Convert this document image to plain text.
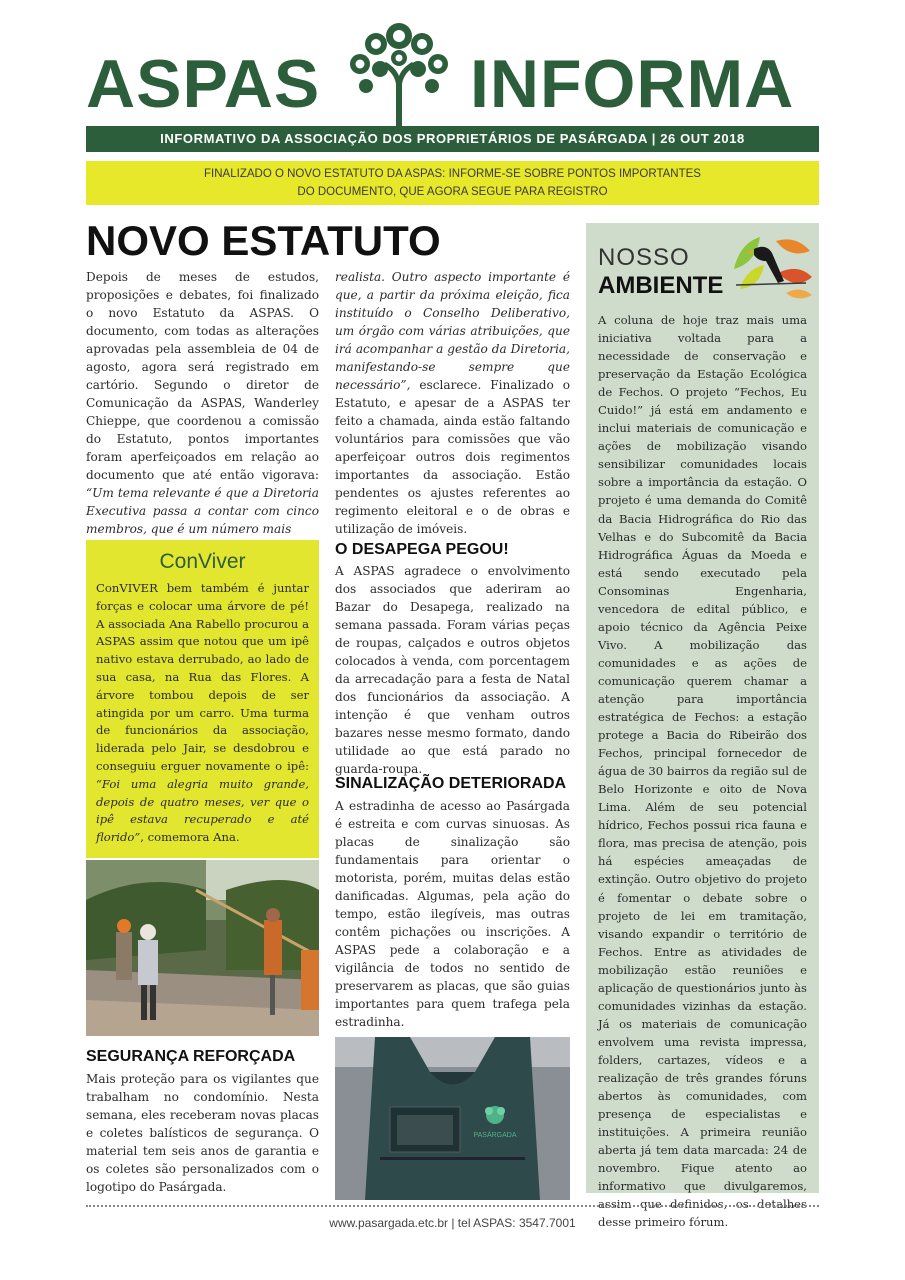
ASPAS INFORMA
INFORMATIVO DA ASSOCIAÇÃO DOS PROPRIETÁRIOS DE PASÁRGADA | 26 OUT 2018
FINALIZADO O NOVO ESTATUTO DA ASPAS: INFORME-SE SOBRE PONTOS IMPORTANTES
DO DOCUMENTO, QUE AGORA SEGUE PARA REGISTRO
NOVO ESTATUTO
Depois de meses de estudos, proposições e debates, foi finalizado o novo Estatuto da ASPAS. O documento, com todas as alterações aprovadas pela assembleia de 04 de agosto, agora será registrado em cartório. Segundo o diretor de Comunicação da ASPAS, Wanderley Chieppe, que coordenou a comissão do Estatuto, pontos importantes foram aperfeiçoados em relação ao documento que até então vigorava: “Um tema relevante é que a Diretoria Executiva passa a contar com cinco membros, que é um número mais
realista. Outro aspecto importante é que, a partir da próxima eleição, fica instituído o Conselho Deliberativo, um órgão com várias atribuições, que irá acompanhar a gestão da Diretoria, manifestando-se sempre que necessário”, esclarece. Finalizado o Estatuto, e apesar de a ASPAS ter feito a chamada, ainda estão faltando voluntários para comissões que vão aperfeiçoar outros dois regimentos importantes da associação. Estão pendentes os ajustes referentes ao regimento eleitoral e o de obras e utilização de imóveis.
ConViver
ConVIVER bem também é juntar forças e colocar uma árvore de pé! A associada Ana Rabello procurou a ASPAS assim que notou que um ipê nativo estava derrubado, ao lado de sua casa, na Rua das Flores. A árvore tombou depois de ser atingida por um carro. Uma turma de funcionários da associação, liderada pelo Jair, se desdobrou e conseguiu erguer novamente o ipê: “Foi uma alegria muito grande, depois de quatro meses, ver que o ipê estava recuperado e até florido”, comemora Ana.
SEGURANÇA REFORÇADA
Mais proteção para os vigilantes que trabalham no condomínio. Nesta semana, eles receberam novas placas e coletes balísticos de segurança. O material tem seis anos de garantia e os coletes são personalizados com o logotipo do Pasárgada.
O DESAPEGA PEGOU!
A ASPAS agradece o envolvimento dos associados que aderiram ao Bazar do Desapega, realizado na semana passada. Foram várias peças de roupas, calçados e outros objetos colocados à venda, com porcentagem da arrecadação para a festa de Natal dos funcionários da associação. A intenção é que venham outros bazares nesse mesmo formato, dando utilidade ao que está parado no guarda-roupa.
SINALIZAÇÃO DETERIORADA
A estradinha de acesso ao Pasárgada é estreita e com curvas sinuosas. As placas de sinalização são fundamentais para orientar o motorista, porém, muitas delas estão danificadas. Algumas, pela ação do tempo, estão ilegíveis, mas outras contêm pichações ou inscrições. A ASPAS pede a colaboração e a vigilância de todos no sentido de preservarem as placas, que são guias importantes para quem trafega pela estradinha.
PASÁRGADA
NOSSO
AMBIENTE
A coluna de hoje traz mais uma iniciativa voltada para a necessidade de conservação e preservação da Estação Ecológica de Fechos. O projeto “Fechos, Eu Cuido!” já está em andamento e inclui materiais de comunicação e ações de mobilização visando sensibilizar comunidades locais sobre a importância da estação. O projeto é uma demanda do Comitê da Bacia Hidrográfica do Rio das Velhas e do Subcomitê da Bacia Hidrográfica Águas da Moeda e está sendo executado pela Consominas Engenharia, vencedora de edital público, e apoio técnico da Agência Peixe Vivo. A mobilização das comunidades e as ações de comunicação querem chamar a atenção para importância estratégica de Fechos: a estação protege a Bacia do Ribeirão dos Fechos, principal fornecedor de água de 30 bairros da região sul de Belo Horizonte e oito de Nova Lima. Além de seu potencial hídrico, Fechos possui rica fauna e flora, mas precisa de atenção, pois há espécies ameaçadas de extinção. Outro objetivo do projeto é fomentar o debate sobre o projeto de lei em tramitação, visando expandir o território de Fechos. Entre as atividades de mobilização estão reuniões e aplicação de questionários junto às comunidades vizinhas da estação. Já os materiais de comunicação envolvem uma revista impressa, folders, cartazes, vídeos e a realização de três grandes fóruns abertos às comunidades, com presença de especialistas e instituições. A primeira reunião aberta já tem data marcada: 24 de novembro. Fique atento ao informativo que divulgaremos, assim que definidos, os detalhes desse primeiro fórum.
www.pasargada.etc.br | tel ASPAS: 3547.7001
